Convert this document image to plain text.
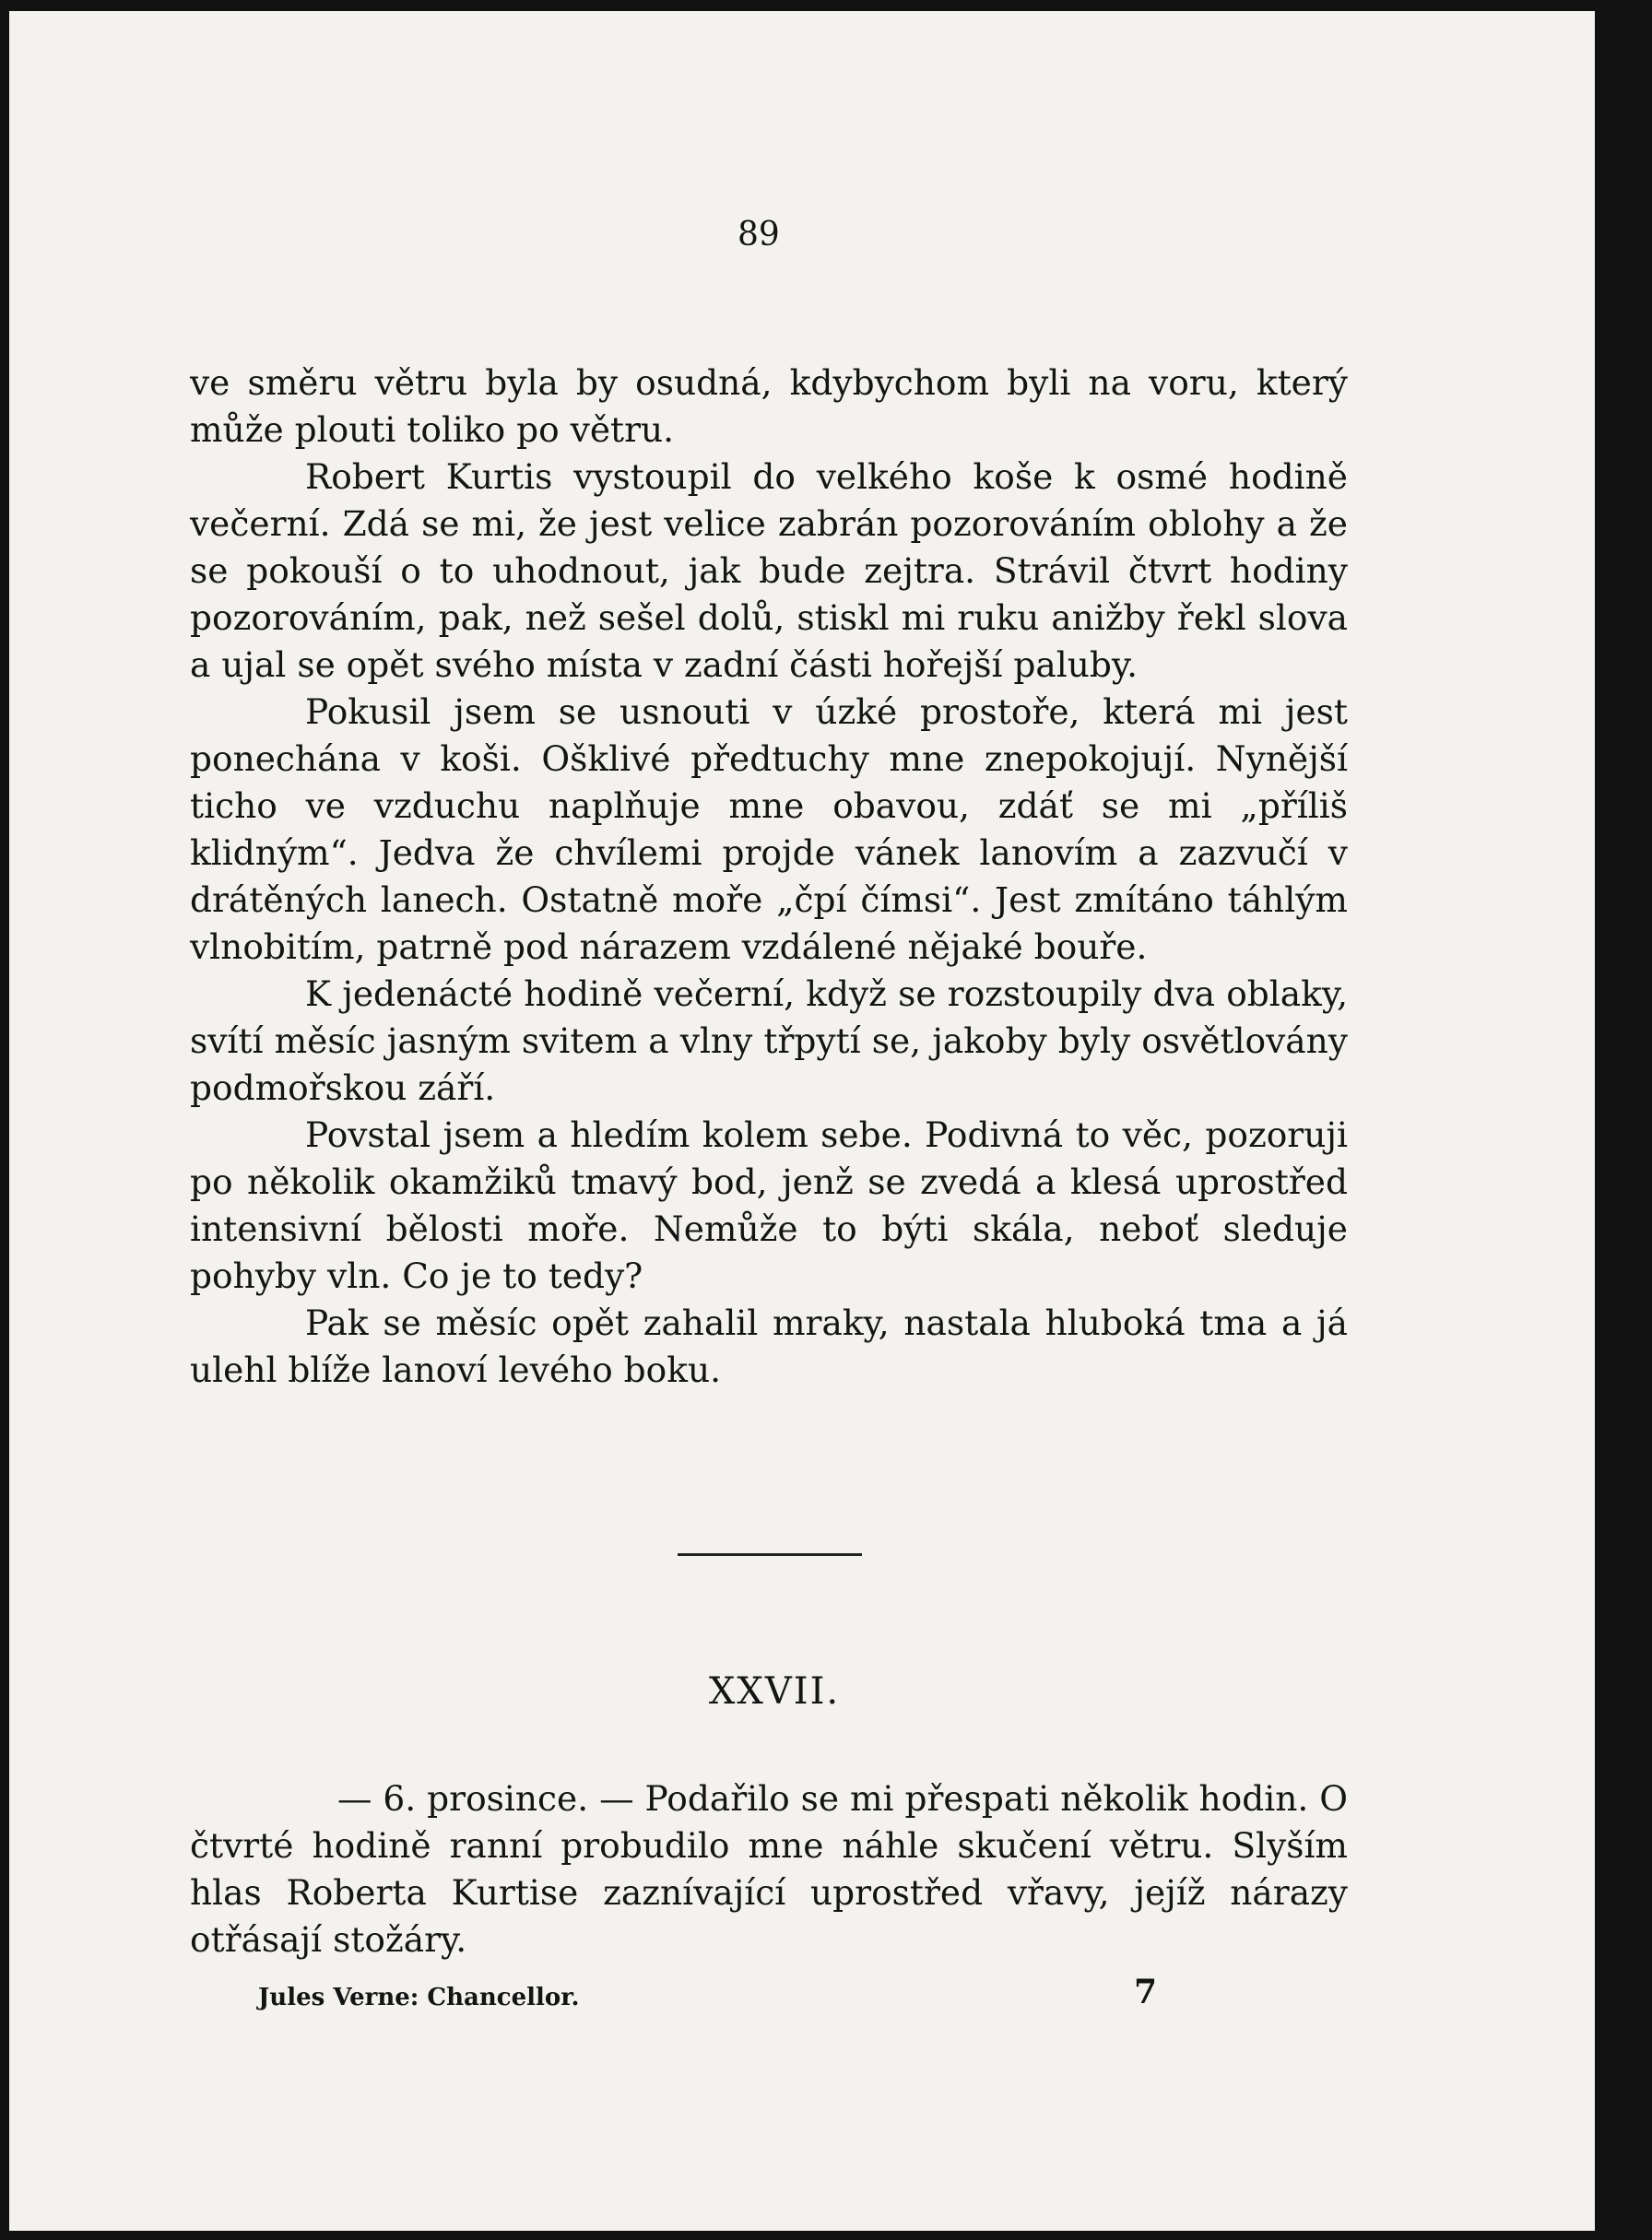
89

ve směru větru byla by osudná, kdybychom byli na voru, který může plouti toliko po větru.

Robert Kurtis vystoupil do velkého koše k osmé hodině večerní. Zdá se mi, že jest velice zabrán pozorováním oblohy a že se pokouší o to uhodnout, jak bude zejtra. Strávil čtvrt hodiny pozorováním, pak, než sešel dolů, stiskl mi ruku anižby řekl slova a ujal se opět svého místa v zadní části hořejší paluby.

Pokusil jsem se usnouti v úzké prostoře, která mi jest ponechána v koši. Ošklivé předtuchy mne znepokojují. Nynější ticho ve vzduchu naplňuje mne obavou, zdáť se mi „příliš klidným“. Jedva že chvílemi projde vánek lanovím a zazvučí v drátěných lanech. Ostatně moře „čpí čímsi“. Jest zmítáno táhlým vlnobitím, patrně pod nárazem vzdálené nějaké bouře.

K jedenácté hodině večerní, když se rozstoupily dva oblaky, svítí měsíc jasným svitem a vlny třpytí se, jakoby byly osvětlovány podmořskou září.

Povstal jsem a hledím kolem sebe. Podivná to věc, pozoruji po několik okamžiků tmavý bod, jenž se zvedá a klesá uprostřed intensivní bělosti moře. Nemůže to býti skála, neboť sleduje pohyby vln. Co je to tedy?

Pak se měsíc opět zahalil mraky, nastala hluboká tma a já ulehl blíže lanoví levého boku.

XXVII.

— 6. prosince. — Podařilo se mi přespati několik hodin. O čtvrté hodině ranní probudilo mne náhle skučení větru. Slyším hlas Roberta Kurtise zaznívající uprostřed vřavy, jejíž nárazy otřásají stožáry.

Jules Verne: Chancellor.	7
